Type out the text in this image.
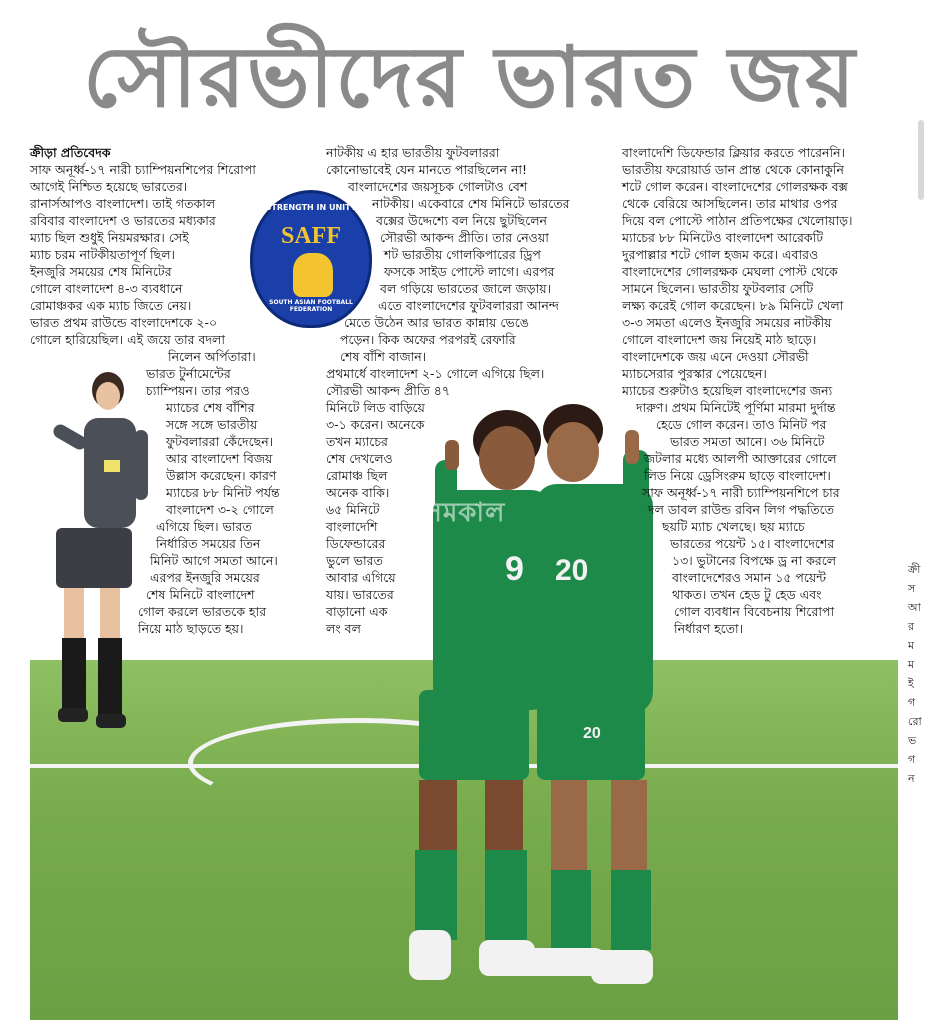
সৌরভীদের ভারত জয়
9 20
20
সমকাল
STRENGTH IN UNITY
SAFF
SOUTH ASIAN FOOTBALL FEDERATION

ক্রীড়া প্রতিবেদক

সাফ অনূর্ধ্ব-১৭ নারী চ্যাম্পিয়নশিপের শিরোপা

আগেই নিশ্চিত হয়েছে ভারতের।

রানার্সআপও বাংলাদেশ। তাই গতকাল

রবিবার বাংলাদেশ ও ভারতের মধ্যকার

ম্যাচ ছিল শুধুই নিয়মরক্ষার। সেই

ম্যাচ চরম নাটকীয়তাপূর্ণ ছিল।

ইনজুরি সময়ের শেষ মিনিটের

গোলে বাংলাদেশ ৪-৩ ব্যবধানে

রোমাঞ্চকর এক ম্যাচ জিতে নেয়।

ভারত প্রথম রাউন্ডে বাংলাদেশকে ২-০

গোলে হারিয়েছিল। এই জয়ে তার বদলা

নিলেন অর্পিতারা।

ভারত টুর্নামেন্টের

চ্যাম্পিয়ন। তার পরও

ম্যাচের শেষ বাঁশির

সঙ্গে সঙ্গে ভারতীয়

ফুটবলাররা কেঁদেছেন।

আর বাংলাদেশ বিজয়

উল্লাস করেছেন। কারণ

ম্যাচের ৮৮ মিনিট পর্যন্ত

বাংলাদেশ ৩-২ গোলে

এগিয়ে ছিল। ভারত

নির্ধারিত সময়ের তিন

মিনিট আগে সমতা আনে।

এরপর ইনজুরি সময়ের

শেষ মিনিটে বাংলাদেশ

গোল করলে ভারতকে হার

নিয়ে মাঠ ছাড়তে হয়।

নাটকীয় এ হার ভারতীয় ফুটবলাররা

কোনোভাবেই যেন মানতে পারছিলেন না!

বাংলাদেশের জয়সূচক গোলটাও বেশ

নাটকীয়। একেবারে শেষ মিনিটে ভারতের

বক্সের উদ্দেশ্যে বল নিয়ে ছুটছিলেন

সৌরভী আকন্দ প্রীতি। তার নেওয়া

শট ভারতীয় গোলকিপারের ড্রিপ

ফসকে সাইড পোস্টে লাগে। এরপর

বল গড়িয়ে ভারতের জালে জড়ায়।

এতে বাংলাদেশের ফুটবলাররা আনন্দ

মেতে উঠেন আর ভারত কান্নায় ভেঙে

পড়েন। কিক অফের পরপরই রেফারি

শেষ বাঁশি বাজান।

প্রথমার্ধে বাংলাদেশ ২-১ গোলে এগিয়ে ছিল।

সৌরভী আকন্দ প্রীতি ৪৭

মিনিটে লিড বাড়িয়ে

৩-১ করেন। অনেকে

তখন ম্যাচের

শেষ দেখলেও

রোমাঞ্চ ছিল

অনেক বাকি।

৬৫ মিনিটে

বাংলাদেশি

ডিফেন্ডারের

ভুলে ভারত

আবার এগিয়ে

যায়। ভারতের

বাড়ানো এক

লং বল

বাংলাদেশি ডিফেন্ডার ক্লিয়ার করতে পারেননি।

ভারতীয় ফরোয়ার্ড ডান প্রান্ত থেকে কোনাকুনি

শটে গোল করেন। বাংলাদেশের গোলরক্ষক বক্স

থেকে বেরিয়ে আসছিলেন। তার মাথার ওপর

দিয়ে বল পোস্টে পাঠান প্রতিপক্ষের খেলোয়াড়।

ম্যাচের ৮৮ মিনিটেও বাংলাদেশ আরেকটি

দুরপাল্লার শটে গোল হজম করে। এবারও

বাংলাদেশের গোলরক্ষক মেঘলা পোস্ট থেকে

সামনে ছিলেন। ভারতীয় ফুটবলার সেটি

লক্ষ্য করেই গোল করেছেন। ৮৯ মিনিটে খেলা

৩-৩ সমতা এলেও ইনজুরি সময়ের নাটকীয়

গোলে বাংলাদেশ জয় নিয়েই মাঠ ছাড়ে।

বাংলাদেশকে জয় এনে দেওয়া সৌরভী

ম্যাচসেরার পুরস্কার পেয়েছেন।

ম্যাচের শুরুটাও হয়েছিল বাংলাদেশের জন্য

দারুণ। প্রথম মিনিটেই পূর্ণিমা মারমা দুর্দান্ত

হেডে গোল করেন। তাও মিনিট পর

ভারত সমতা আনে। ৩৬ মিনিটে

জটলার মধ্যে আলপী আক্তারের গোলে

লিড নিয়ে ড্রেসিংরুম ছাড়ে বাংলাদেশ।

সাফ অনূর্ধ্ব-১৭ নারী চ্যাম্পিয়নশিপে চার

দল ডাবল রাউন্ড রবিন লিগ পদ্ধতিতে

ছয়টি ম্যাচ খেলছে। ছয় ম্যাচে

ভারতের পয়েন্ট ১৫। বাংলাদেশের

১৩। ভুটানের বিপক্ষে ড্র না করলে

বাংলাদেশেরও সমান ১৫ পয়েন্ট

থাকত। তখন হেড টু হেড এবং

গোল ব্যবধান বিবেচনায় শিরোপা

নির্ধারণ হতো।

ক্রী

স

আ

র

ম

ম

ই

গ

রো

ভ

গ

ন
